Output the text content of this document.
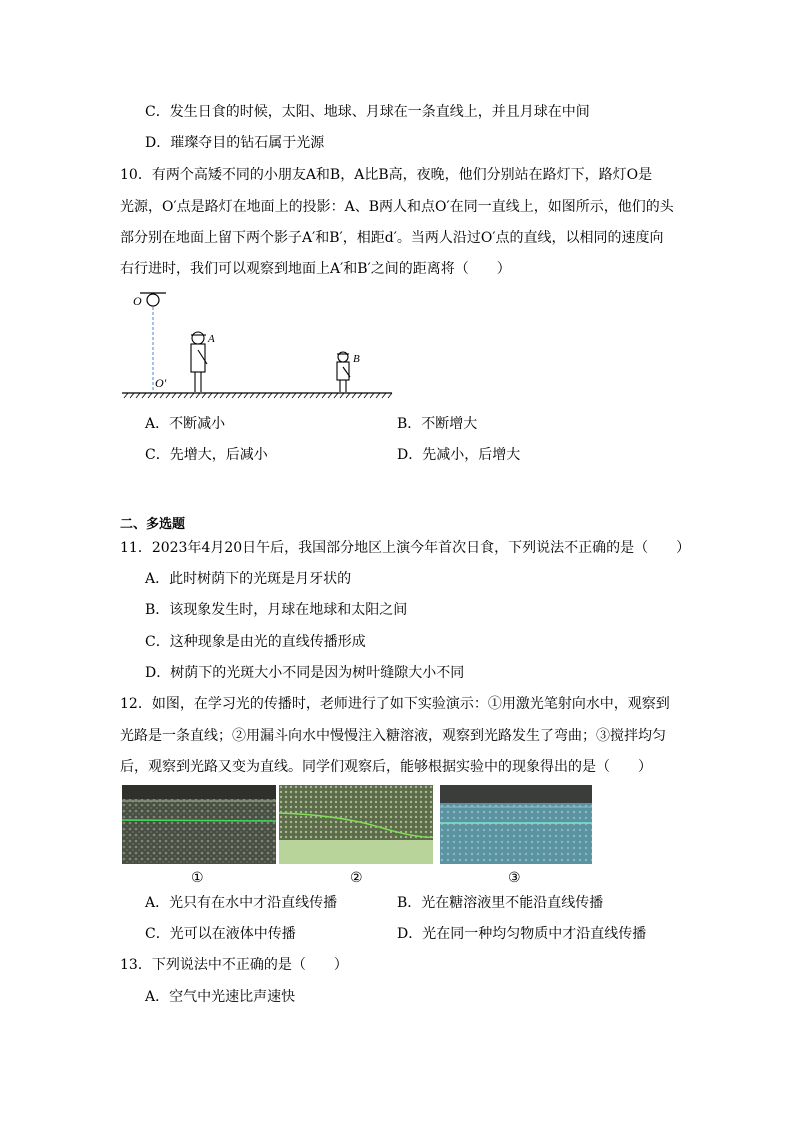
C．发生日食的时候，太阳、地球、月球在一条直线上，并且月球在中间
D．璀璨夺目的钻石属于光源
10．有两个高矮不同的小朋友A和B，A比B高，夜晚，他们分别站在路灯下，路灯O是
光源，O′点是路灯在地面上的投影：A、B两人和点O′在同一直线上，如图所示，他们的头
部分别在地面上留下两个影子A′和B′，相距d′。当两人沿过O′点的直线，以相同的速度向
右行进时，我们可以观察到地面上A′和B′之间的距离将（　　）
O
O′
A
B
A．不断减小	B．不断增大
C．先增大，后减小	D．先减小，后增大
二、多选题
11．2023年4月20日午后，我国部分地区上演今年首次日食，下列说法不正确的是（　　）
A．此时树荫下的光斑是月牙状的
B．该现象发生时，月球在地球和太阳之间
C．这种现象是由光的直线传播形成
D．树荫下的光斑大小不同是因为树叶缝隙大小不同
12．如图，在学习光的传播时，老师进行了如下实验演示：①用激光笔射向水中，观察到
光路是一条直线；②用漏斗向水中慢慢注入糖溶液，观察到光路发生了弯曲；③搅拌均匀
后，观察到光路又变为直线。同学们观察后，能够根据实验中的现象得出的是（　　）
①	②	③
A．光只有在水中才沿直线传播	B．光在糖溶液里不能沿直线传播
C．光可以在液体中传播	D．光在同一种均匀物质中才沿直线传播
13．下列说法中不正确的是（　　）
A．空气中光速比声速快
